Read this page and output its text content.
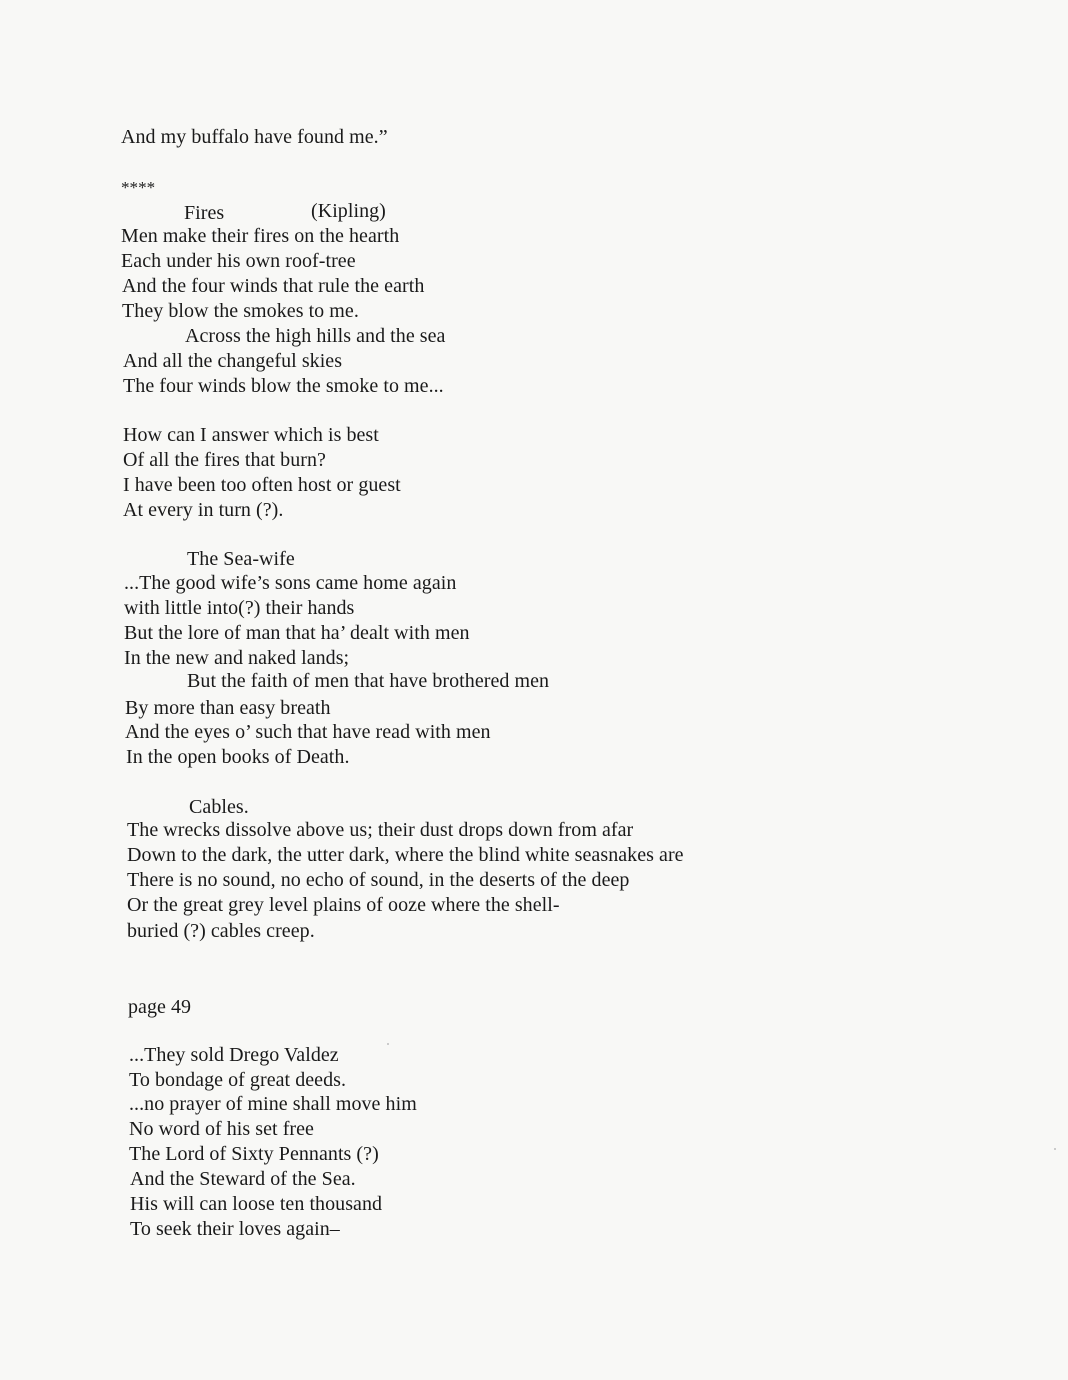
And my buffalo have found me.”
****
Fires	(Kipling)
Men make their fires on the hearth
Each under his own roof-tree
And the four winds that rule the earth
They blow the smokes to me.
Across the high hills and the sea
And all the changeful skies
The four winds blow the smoke to me...
How can I answer which is best
Of all the fires that burn?
I have been too often host or guest
At every in turn (?).
The Sea-wife
...The good wife’s sons came home again
with little into(?) their hands
But the lore of man that ha’ dealt with men
In the new and naked lands;
But the faith of men that have brothered men
By more than easy breath
And the eyes o’ such that have read with men
In the open books of Death.
Cables.
The wrecks dissolve above us; their dust drops down from afar
Down to the dark, the utter dark, where the blind white seasnakes are
There is no sound, no echo of sound, in the deserts of the deep
Or the great grey level plains of ooze where the shell-
buried (?) cables creep.
page 49
...They sold Drego Valdez
To bondage of great deeds.
...no prayer of mine shall move him
No word of his set free
The Lord of Sixty Pennants (?)
And the Steward of the Sea.
His will can loose ten thousand
To seek their loves again–
